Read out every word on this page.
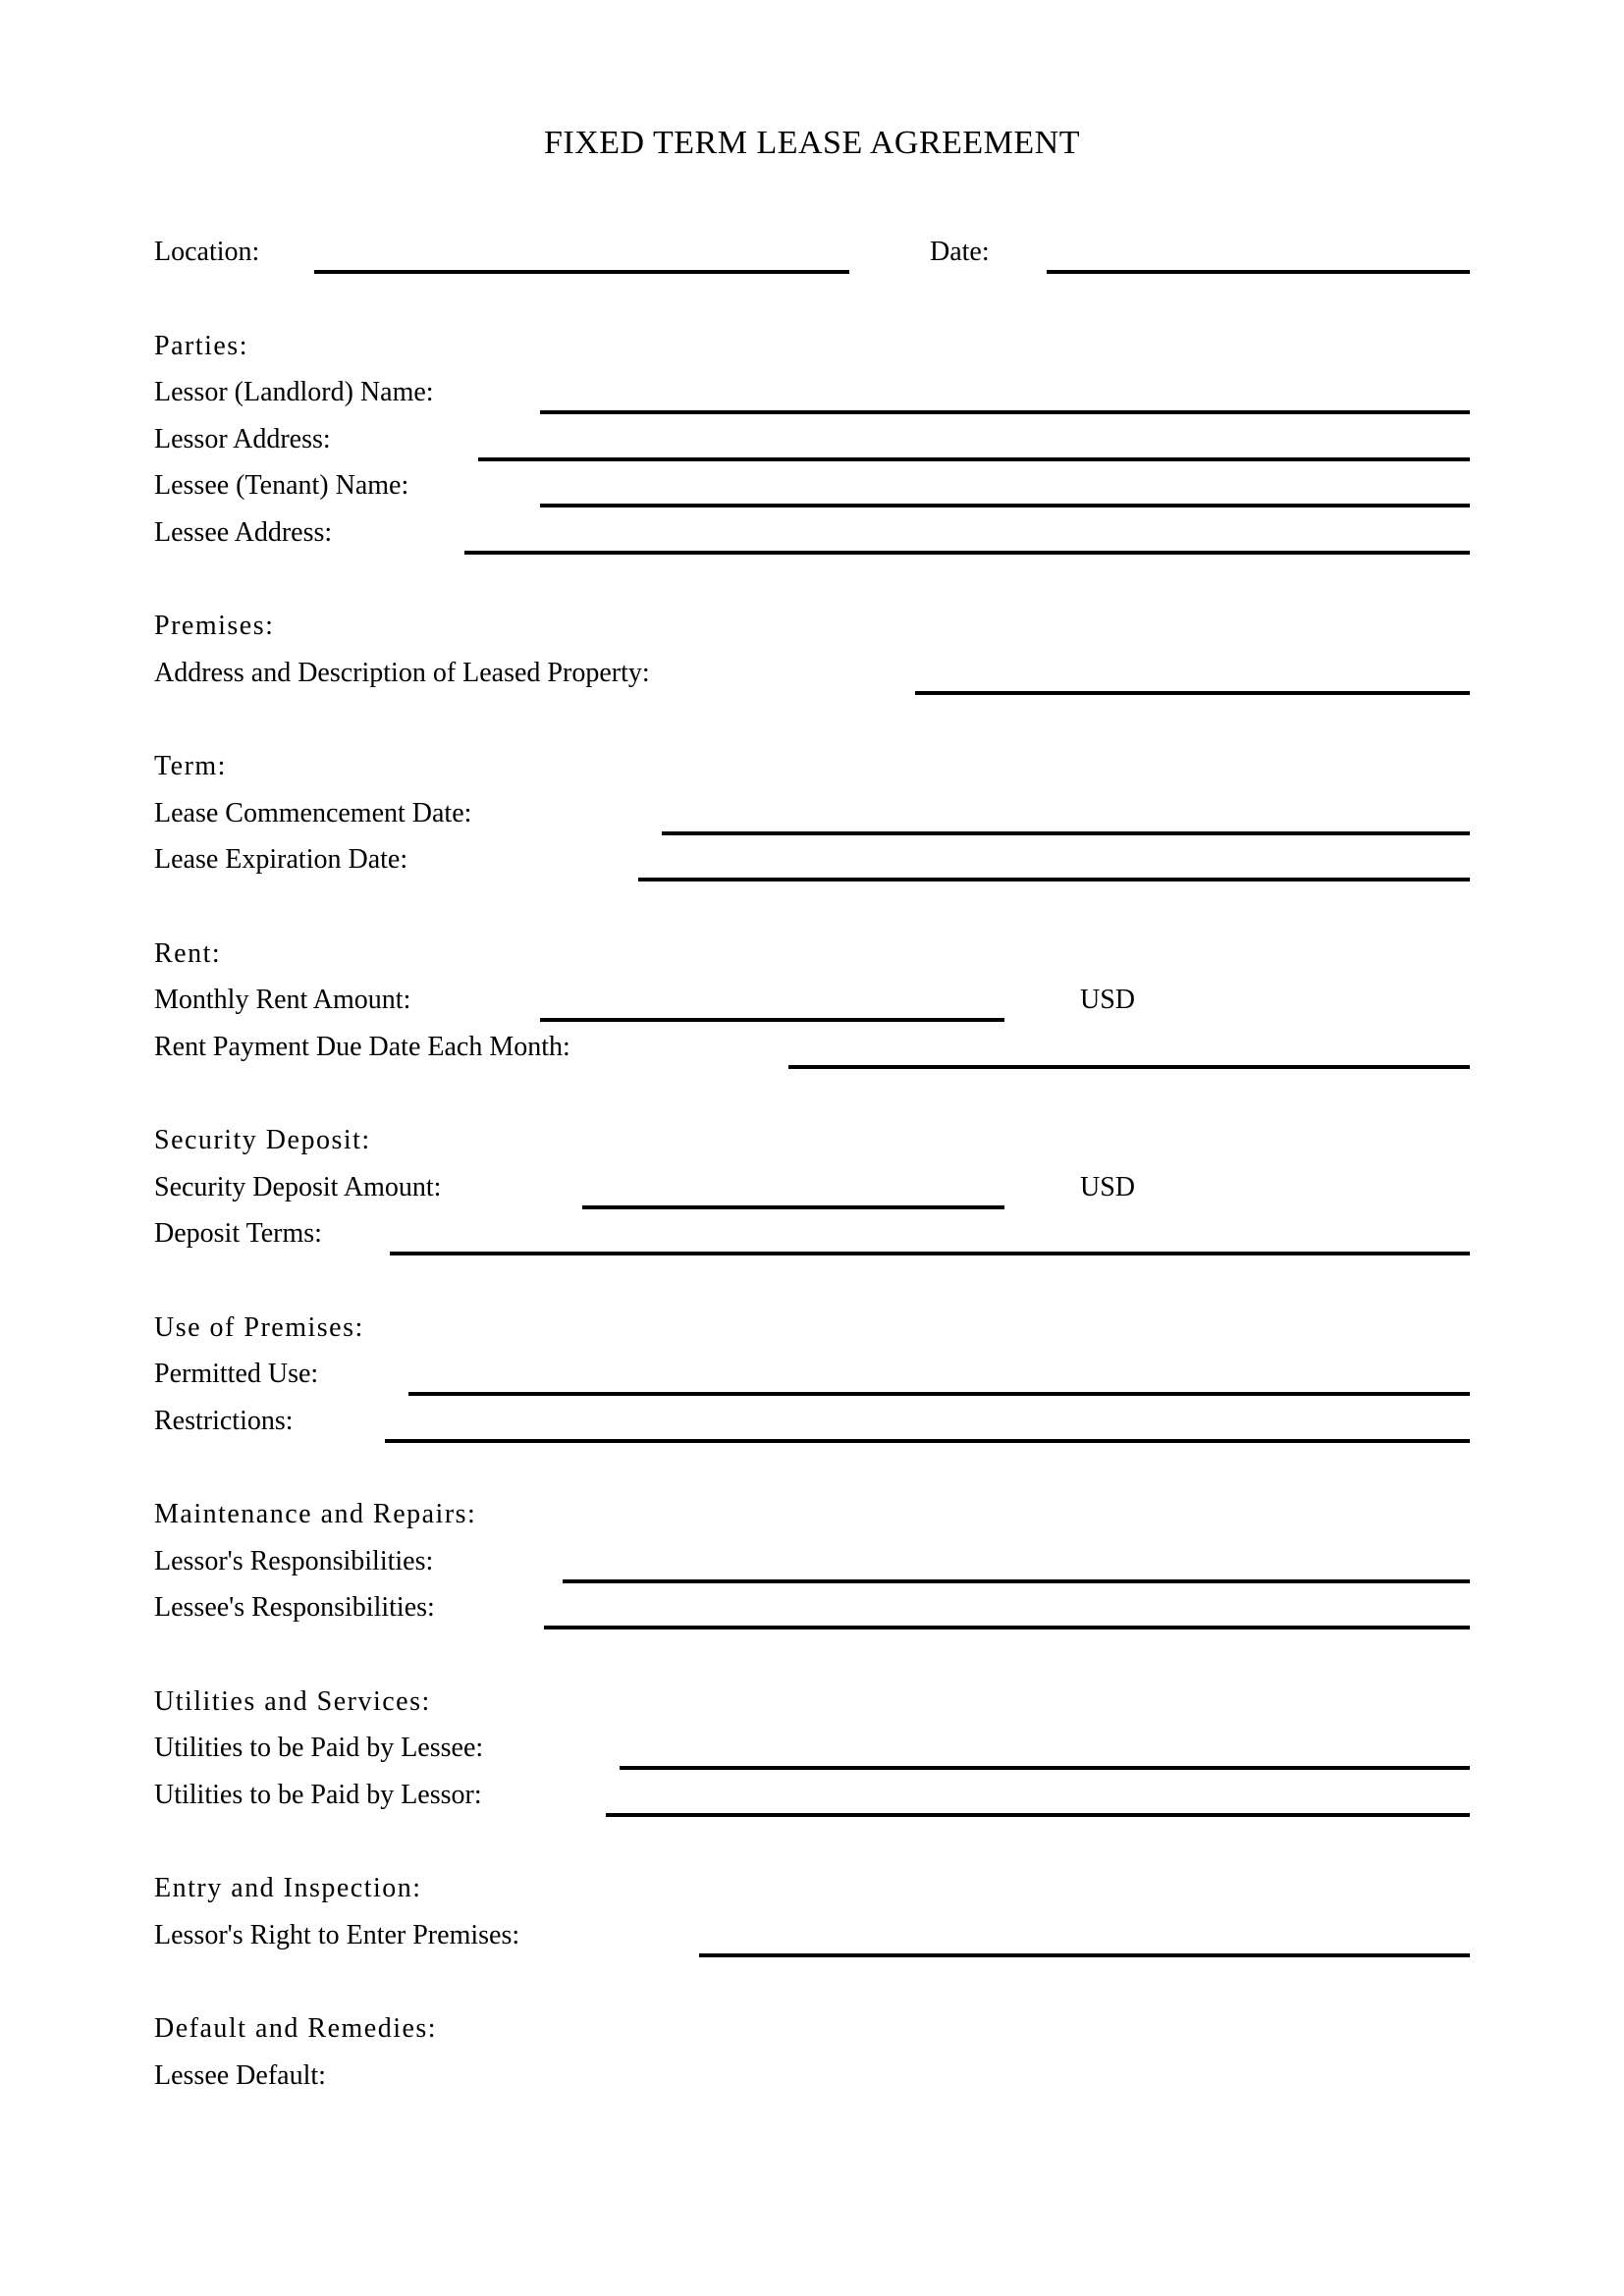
FIXED TERM LEASE AGREEMENT
Location:	Date:
Parties:
Lessor (Landlord) Name:
Lessor Address:
Lessee (Tenant) Name:
Lessee Address:
Premises:
Address and Description of Leased Property:
Term:
Lease Commencement Date:
Lease Expiration Date:
Rent:
Monthly Rent Amount:	USD
Rent Payment Due Date Each Month:
Security Deposit:
Security Deposit Amount:	USD
Deposit Terms:
Use of Premises:
Permitted Use:
Restrictions:
Maintenance and Repairs:
Lessor's Responsibilities:
Lessee's Responsibilities:
Utilities and Services:
Utilities to be Paid by Lessee:
Utilities to be Paid by Lessor:
Entry and Inspection:
Lessor's Right to Enter Premises:
Default and Remedies:
Lessee Default:
